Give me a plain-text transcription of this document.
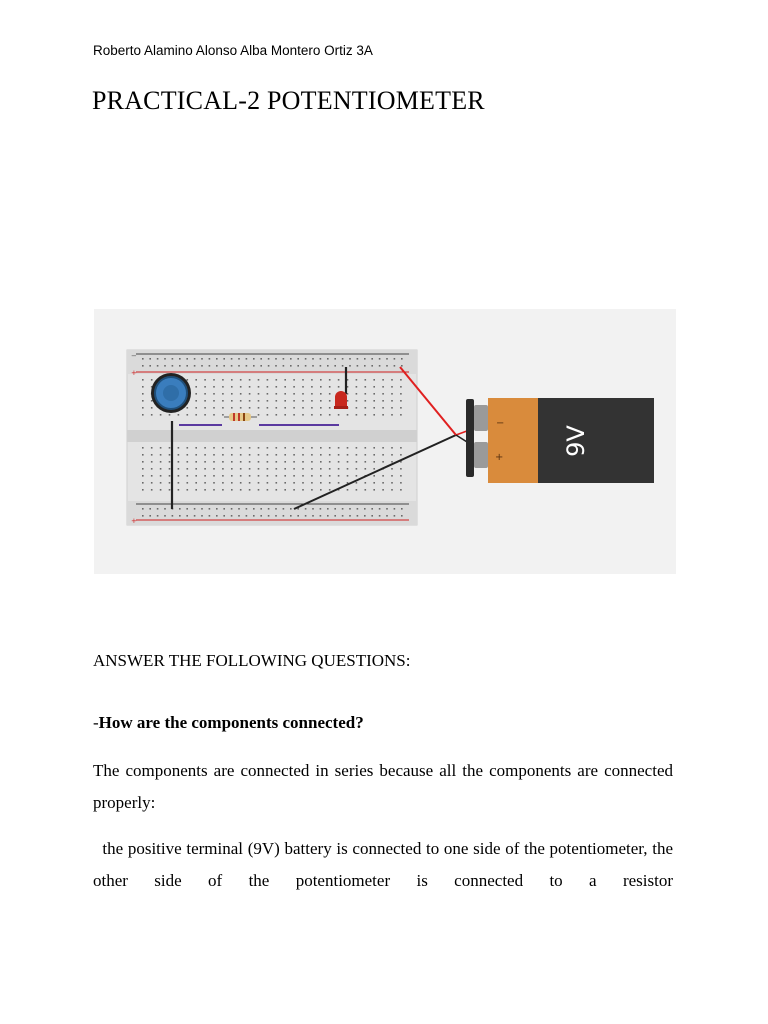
Roberto Alamino Alonso Alba Montero Ortiz 3A

PRACTICAL-2 POTENTIOMETER
−
+
+
−
+
9V

ANSWER THE FOLLOWING QUESTIONS:

-How are the components connected?

The components are connected in series because all the components are connected properly:

the positive terminal (9V) battery is connected to one side of the potentiometer, the other side of the potentiometer is connected to a resistor
